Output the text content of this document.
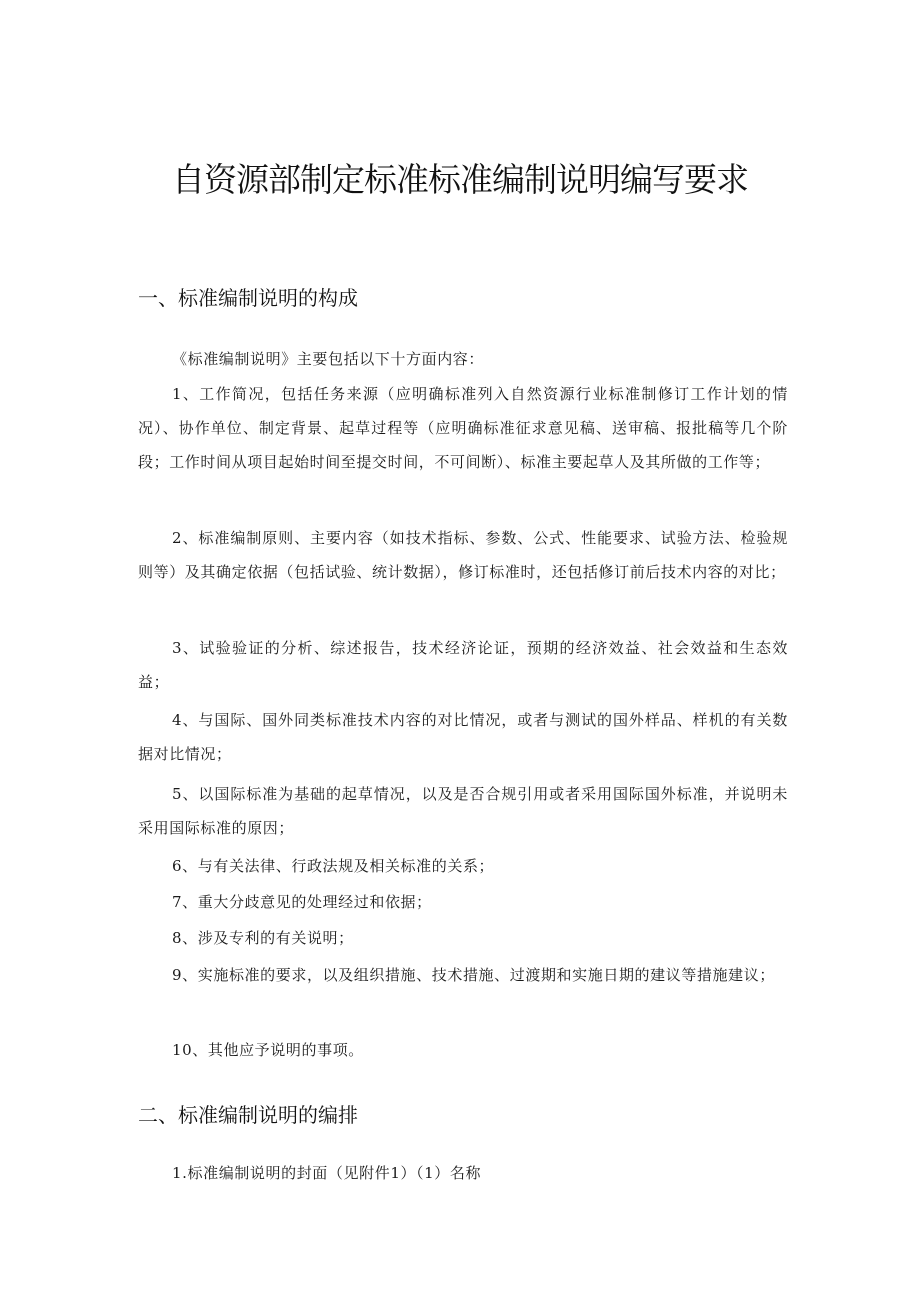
自资源部制定标准标准编制说明编写要求
一、标准编制说明的构成
《标准编制说明》主要包括以下十方面内容：
1、工作简况，包括任务来源（应明确标准列入自然资源行业标准制修订工作计划的情况）、协作单位、制定背景、起草过程等（应明确标准征求意见稿、送审稿、报批稿等几个阶段；工作时间从项目起始时间至提交时间，不可间断）、标准主要起草人及其所做的工作等；
2、标准编制原则、主要内容（如技术指标、参数、公式、性能要求、试验方法、检验规则等）及其确定依据（包括试验、统计数据），修订标准时，还包括修订前后技术内容的对比；
3、试验验证的分析、综述报告，技术经济论证，预期的经济效益、社会效益和生态效益；
4、与国际、国外同类标准技术内容的对比情况，或者与测试的国外样品、样机的有关数据对比情况；
5、以国际标准为基础的起草情况，以及是否合规引用或者采用国际国外标准，并说明未采用国际标准的原因；
6、与有关法律、行政法规及相关标准的关系；
7、重大分歧意见的处理经过和依据；
8、涉及专利的有关说明；
9、实施标准的要求，以及组织措施、技术措施、过渡期和实施日期的建议等措施建议；
10、其他应予说明的事项。
二、标准编制说明的编排
1.标准编制说明的封面（见附件1）（1）名称
